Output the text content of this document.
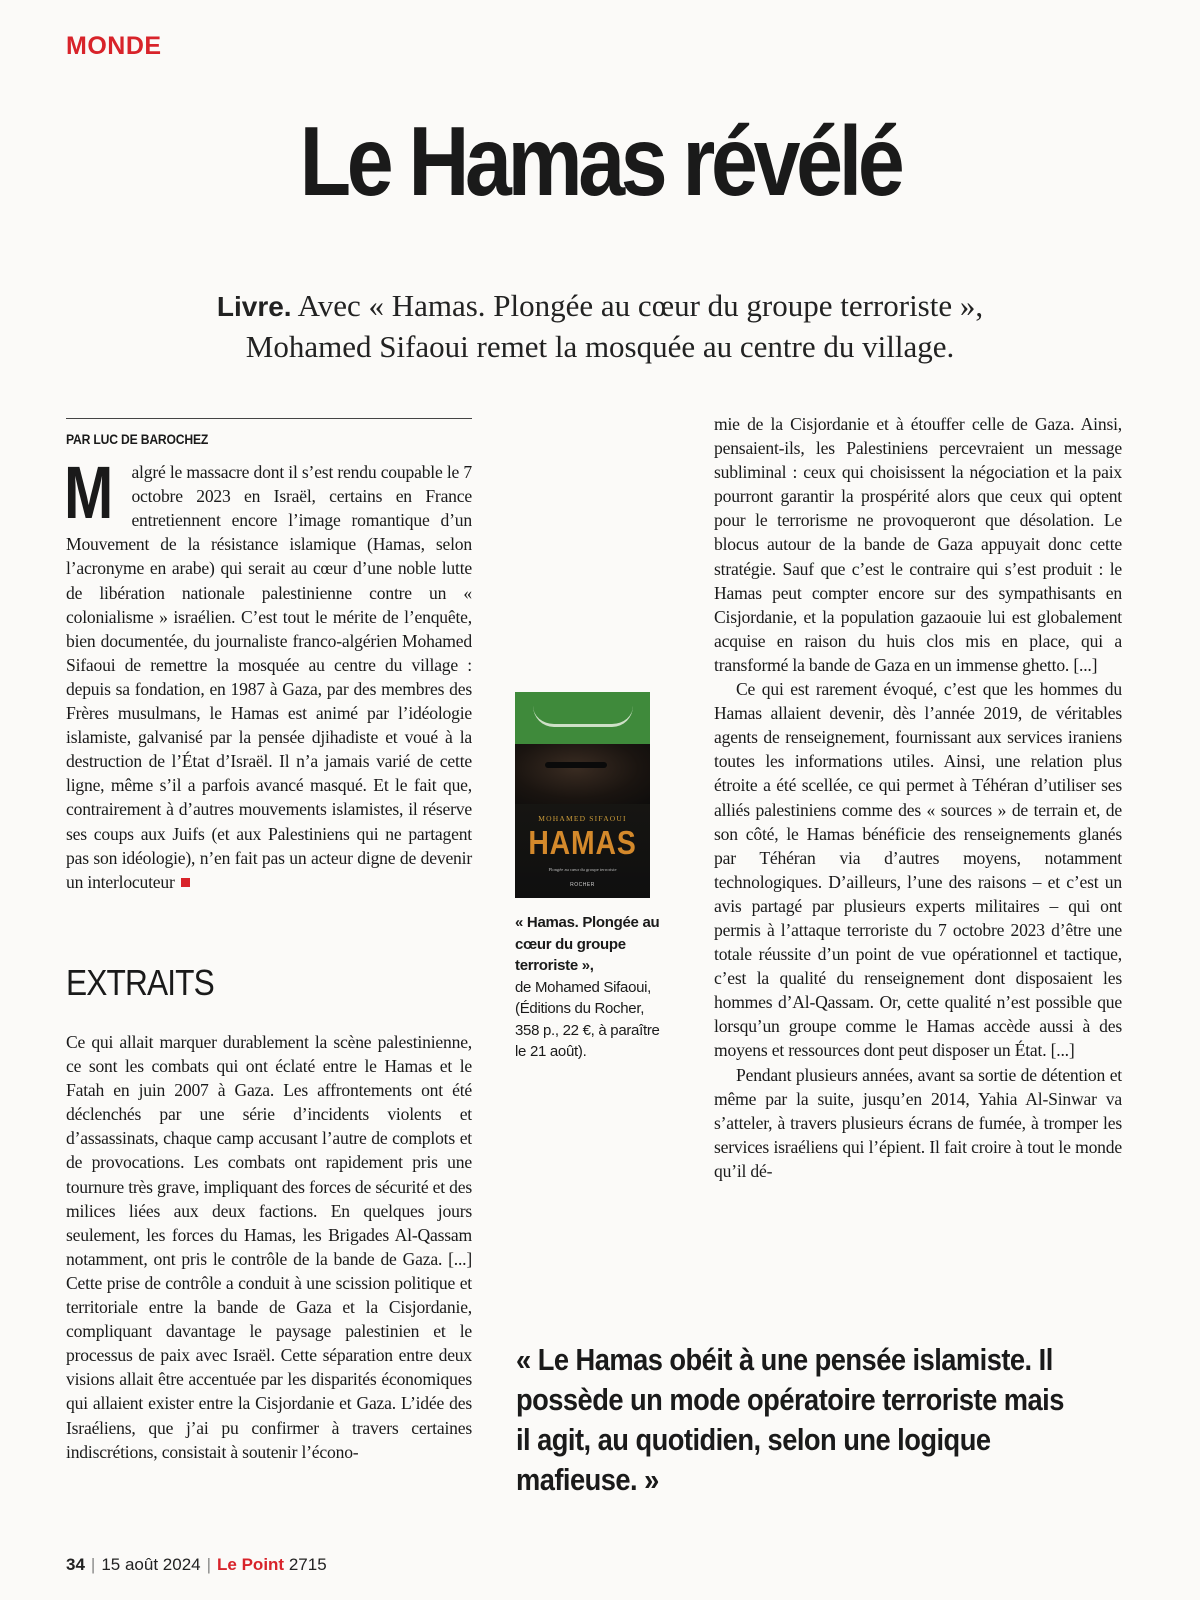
MONDE
Le Hamas révélé

Livre. Avec « Hamas. Plongée au cœur du groupe terroriste »,
Mohamed Sifaoui remet la mosquée au centre du village.

PAR LUC DE BAROCHEZ

M algré le massacre dont il s’est rendu coupable le 7 octobre 2023 en Israël, certains en France entretiennent encore l’image romantique d’un Mouvement de la résistance islamique (Hamas, selon l’acronyme en arabe) qui serait au cœur d’une noble lutte de libération nationale palestinienne contre un « colonialisme » israélien. C’est tout le mérite de l’enquête, bien documentée, du journaliste franco-algérien Mohamed Sifaoui de remettre la mosquée au centre du village : depuis sa fondation, en 1987 à Gaza, par des membres des Frères musulmans, le Hamas est animé par l’idéologie islamiste, galvanisé par la pensée djihadiste et voué à la destruction de l’État d’Israël. Il n’a jamais varié de cette ligne, même s’il a parfois avancé masqué. Et le fait que, contrairement à d’autres mouvements islamistes, il réserve ses coups aux Juifs (et aux Palestiniens qui ne partagent pas son idéologie), n’en fait pas un acteur digne de devenir un interlocuteur

EXTRAITS

Ce qui allait marquer durablement la scène palestinienne, ce sont les combats qui ont éclaté entre le Hamas et le Fatah en juin 2007 à Gaza. Les affrontements ont été déclenchés par une série d’incidents violents et d’assassinats, chaque camp accusant l’autre de complots et de provocations. Les combats ont rapidement pris une tournure très grave, impliquant des forces de sécurité et des milices liées aux deux factions. En quelques jours seulement, les forces du Hamas, les Brigades Al-Qassam notamment, ont pris le contrôle de la bande de Gaza. [...] Cette prise de contrôle a conduit à une scission politique et territoriale entre la bande de Gaza et la Cisjordanie, compliquant davantage le paysage palestinien et le processus de paix avec Israël. Cette séparation entre deux visions allait être accentuée par les disparités économiques qui allaient exister entre la Cisjordanie et Gaza. L’idée des Israéliens, que j’ai pu confirmer à travers certaines indiscrétions, consistait à soutenir l’écono-

MOHAMED SIFAOUI
HAMAS
Plongée au cœur du groupe terroriste
ROCHER
« Hamas. Plongée au cœur du groupe terroriste »,
de Mohamed Sifaoui, (Éditions du Rocher, 358 p., 22 €, à paraître le 21 août).

mie de la Cisjordanie et à étouffer celle de Gaza. Ainsi, pensaient-ils, les Palestiniens percevraient un message subliminal : ceux qui choisissent la négociation et la paix pourront garantir la prospérité alors que ceux qui optent pour le terrorisme ne provoqueront que désolation. Le blocus autour de la bande de Gaza appuyait donc cette stratégie. Sauf que c’est le contraire qui s’est produit : le Hamas peut compter encore sur des sympathisants en Cisjordanie, et la population gazaouie lui est globalement acquise en raison du huis clos mis en place, qui a transformé la bande de Gaza en un immense ghetto. [...]

Ce qui est rarement évoqué, c’est que les hommes du Hamas allaient devenir, dès l’année 2019, de véritables agents de renseignement, fournissant aux services iraniens toutes les informations utiles. Ainsi, une relation plus étroite a été scellée, ce qui permet à Téhéran d’utiliser ses alliés palestiniens comme des « sources » de terrain et, de son côté, le Hamas bénéficie des renseignements glanés par Téhéran via d’autres moyens, notamment technologiques. D’ailleurs, l’une des raisons – et c’est un avis partagé par plusieurs experts militaires – qui ont permis à l’attaque terroriste du 7 octobre 2023 d’être une totale réussite d’un point de vue opérationnel et tactique, c’est la qualité du renseignement dont disposaient les hommes d’Al-Qassam. Or, cette qualité n’est possible que lorsqu’un groupe comme le Hamas accède aussi à des moyens et ressources dont peut disposer un État. [...]

Pendant plusieurs années, avant sa sortie de détention et même par la suite, jusqu’en 2014, Yahia Al-Sinwar va s’atteler, à travers plusieurs écrans de fumée, à tromper les services israéliens qui l’épient. Il fait croire à tout le monde qu’il dé-

« Le Hamas obéit à une pensée islamiste. Il possède un mode opératoire terroriste mais il agit, au quotidien, selon une logique mafieuse. »

34 | 15 août 2024 | Le Point 2715
